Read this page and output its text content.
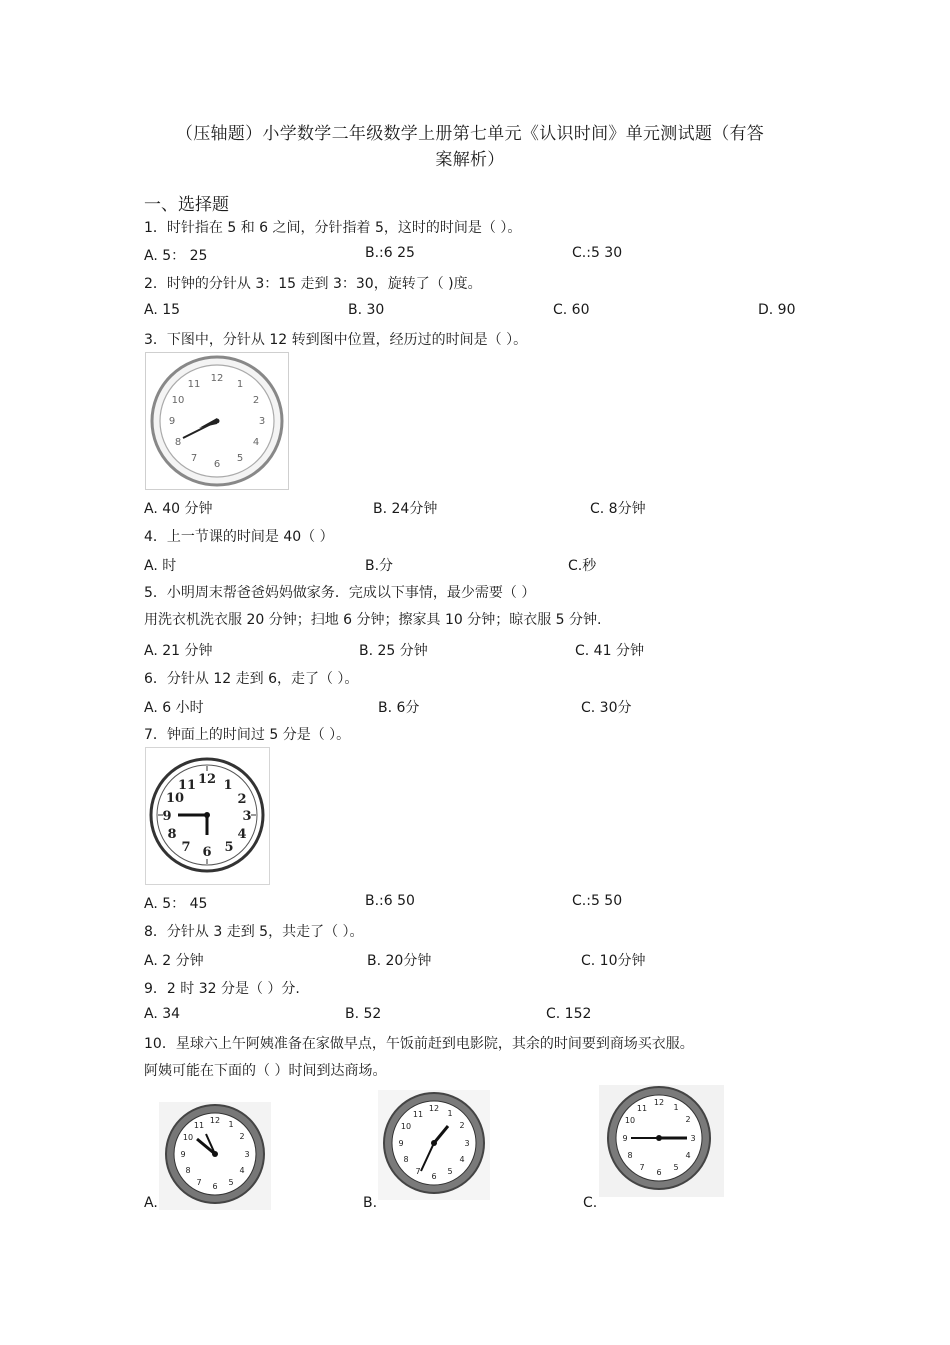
（压轴题）小学数学二年级数学上册第七单元《认识时间》单元测试题（有答
案解析）
一、选择题
1．时针指在 5 和 6 之间，分针指着 5，这时的时间是（ ）。
A. 5： 25	B.:6 25	C.:5 30
2．时钟的分针从 3：15 走到 3：30，旋转了（ )度。
A. 15	B. 30	C. 60	D. 90
3．下图中，分针从 12 转到图中位置，经历过的时间是（ ）。
12
1
2
3
4
5
6
7
8
9
10
11
A. 40 分钟	B. 24分钟	C. 8分钟
4．上一节课的时间是 40（ ）
A. 时	B.分	C.秒
5．小明周末帮爸爸妈妈做家务．完成以下事情，最少需要（ ）
用洗衣机洗衣服 20 分钟；扫地 6 分钟；擦家具 10 分钟；晾衣服 5 分钟.
A. 21 分钟	B. 25 分钟	C. 41 分钟
6．分针从 12 走到 6，走了（ ）。
A. 6 小时	B. 6分	C. 30分
7．钟面上的时间过 5 分是（ ）。
12 1
2
3
4
5
6
7
8
9
10
11
A. 5： 45	B.:6 50	C.:5 50
8．分针从 3 走到 5，共走了（ ）。
A. 2 分钟	B. 20分钟	C. 10分钟
9．2 时 32 分是（ ）分.
A. 34	B. 52	C. 152
10．星球六上午阿姨准备在家做早点，午饭前赶到电影院，其余的时间要到商场买衣服。
阿姨可能在下面的（ ）时间到达商场。
12 1
2
3
4
5
6
7
8
9
10
11
A.
12
1
2
3
4
5
6
7
8
9
10
11
B.
12
1
2
3
4
5
6
7
8
9
10
11
C.
